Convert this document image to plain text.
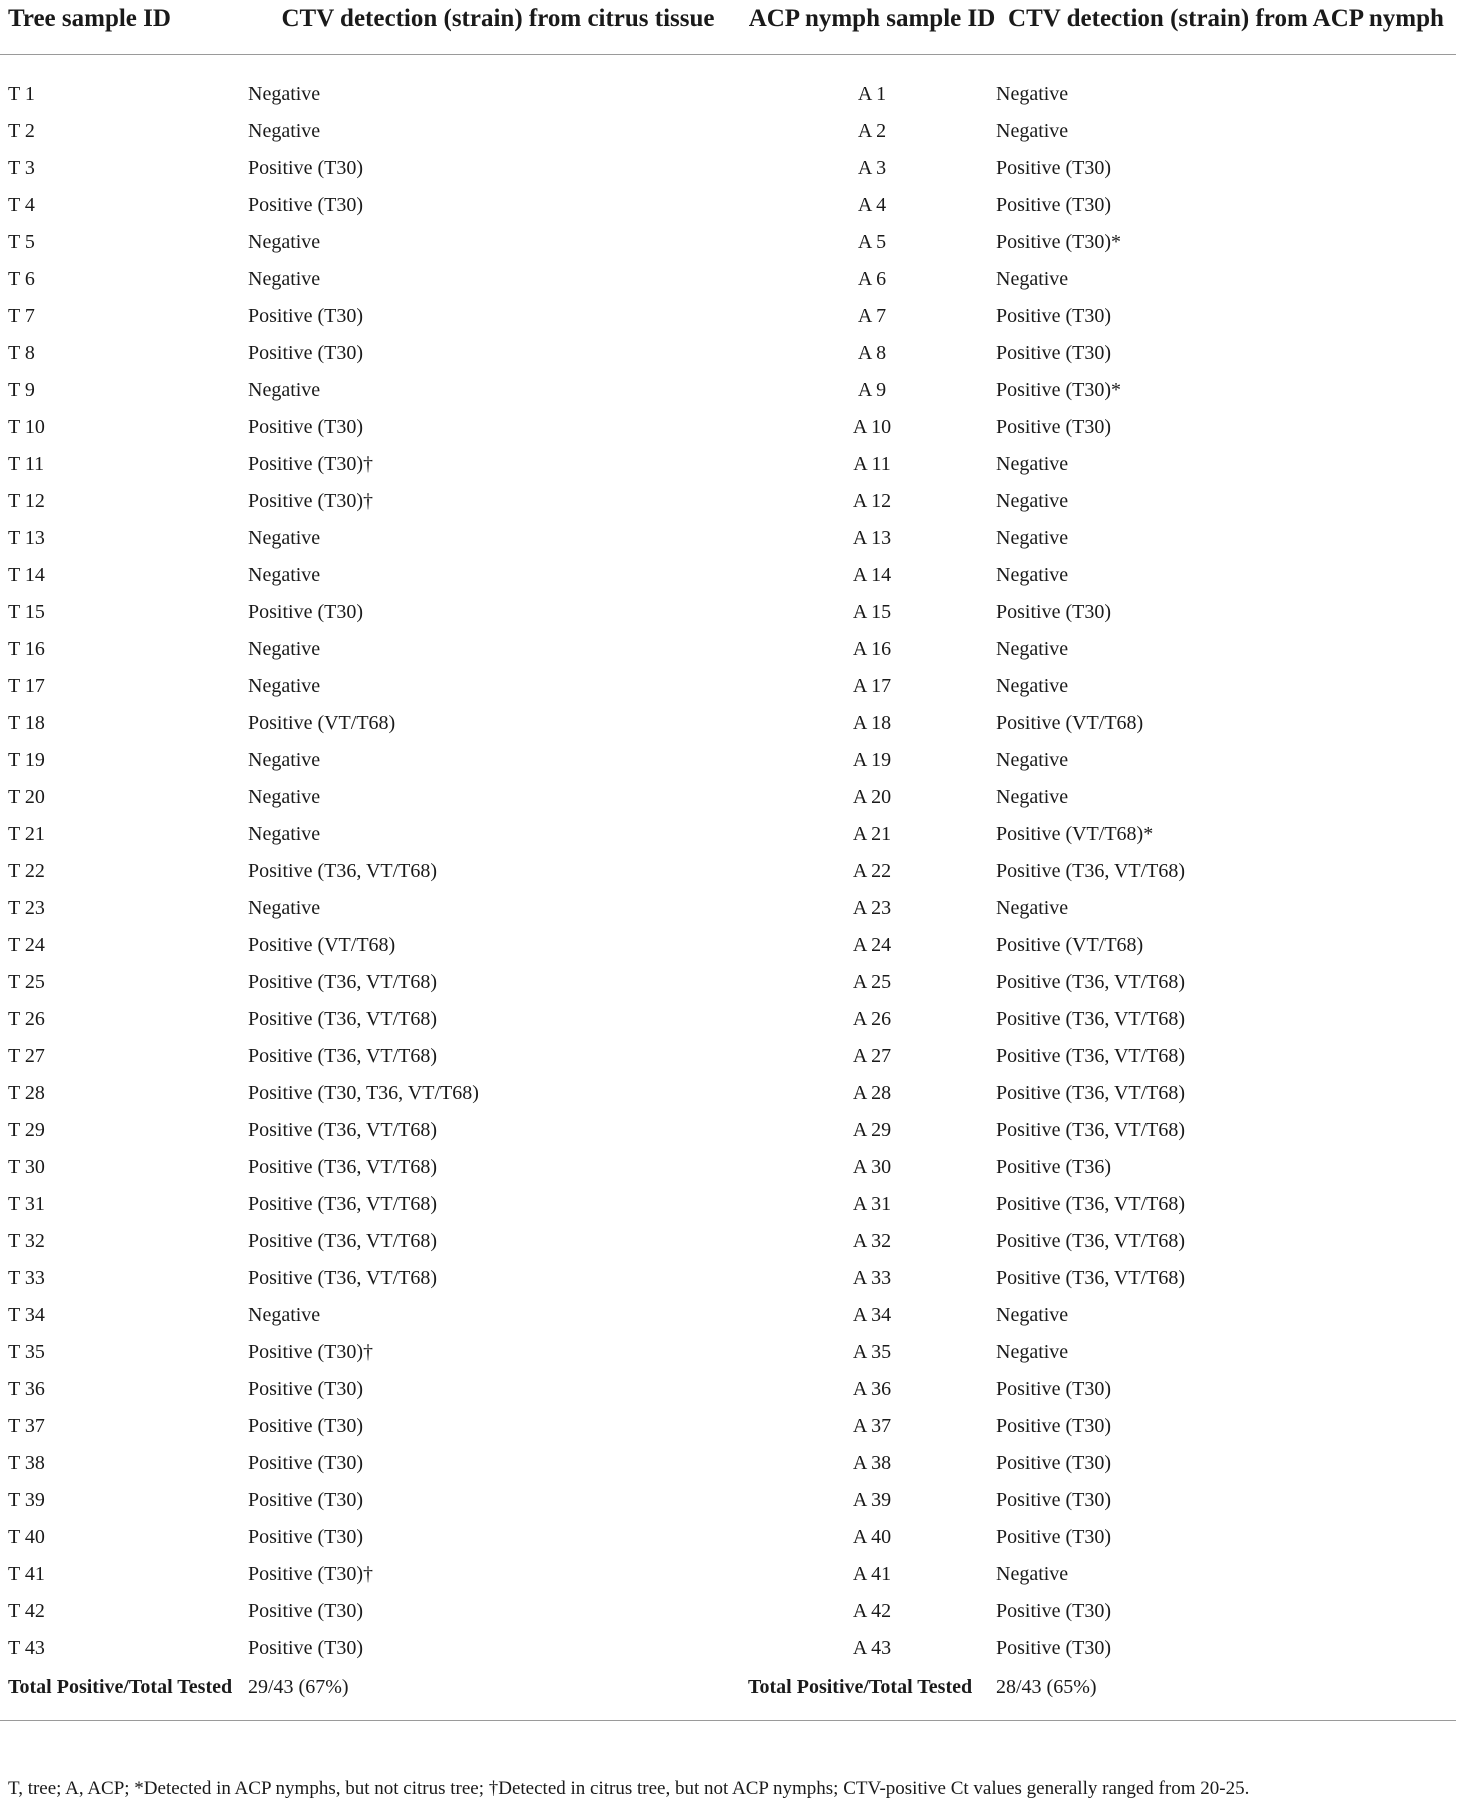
Tree sample ID	CTV detection (strain) from citrus tissue	ACP nymph sample ID	CTV detection (strain) from ACP nymph
T 1	Negative	A 1	Negative
T 2	Negative	A 2	Negative
T 3	Positive (T30)	A 3	Positive (T30)
T 4	Positive (T30)	A 4	Positive (T30)
T 5	Negative	A 5	Positive (T30)*
T 6	Negative	A 6	Negative
T 7	Positive (T30)	A 7	Positive (T30)
T 8	Positive (T30)	A 8	Positive (T30)
T 9	Negative	A 9	Positive (T30)*
T 10	Positive (T30)	A 10	Positive (T30)
T 11	Positive (T30)†	A 11	Negative
T 12	Positive (T30)†	A 12	Negative
T 13	Negative	A 13	Negative
T 14	Negative	A 14	Negative
T 15	Positive (T30)	A 15	Positive (T30)
T 16	Negative	A 16	Negative
T 17	Negative	A 17	Negative
T 18	Positive (VT/T68)	A 18	Positive (VT/T68)
T 19	Negative	A 19	Negative
T 20	Negative	A 20	Negative
T 21	Negative	A 21	Positive (VT/T68)*
T 22	Positive (T36, VT/T68)	A 22	Positive (T36, VT/T68)
T 23	Negative	A 23	Negative
T 24	Positive (VT/T68)	A 24	Positive (VT/T68)
T 25	Positive (T36, VT/T68)	A 25	Positive (T36, VT/T68)
T 26	Positive (T36, VT/T68)	A 26	Positive (T36, VT/T68)
T 27	Positive (T36, VT/T68)	A 27	Positive (T36, VT/T68)
T 28	Positive (T30, T36, VT/T68)	A 28	Positive (T36, VT/T68)
T 29	Positive (T36, VT/T68)	A 29	Positive (T36, VT/T68)
T 30	Positive (T36, VT/T68)	A 30	Positive (T36)
T 31	Positive (T36, VT/T68)	A 31	Positive (T36, VT/T68)
T 32	Positive (T36, VT/T68)	A 32	Positive (T36, VT/T68)
T 33	Positive (T36, VT/T68)	A 33	Positive (T36, VT/T68)
T 34	Negative	A 34	Negative
T 35	Positive (T30)†	A 35	Negative
T 36	Positive (T30)	A 36	Positive (T30)
T 37	Positive (T30)	A 37	Positive (T30)
T 38	Positive (T30)	A 38	Positive (T30)
T 39	Positive (T30)	A 39	Positive (T30)
T 40	Positive (T30)	A 40	Positive (T30)
T 41	Positive (T30)†	A 41	Negative
T 42	Positive (T30)	A 42	Positive (T30)
T 43	Positive (T30)	A 43	Positive (T30)
Total Positive/Total Tested	29/43 (67%)	Total Positive/Total Tested	28/43 (65%)
T, tree; A, ACP; *Detected in ACP nymphs, but not citrus tree; †Detected in citrus tree, but not ACP nymphs; CTV-positive Ct values generally ranged from 20-25.
